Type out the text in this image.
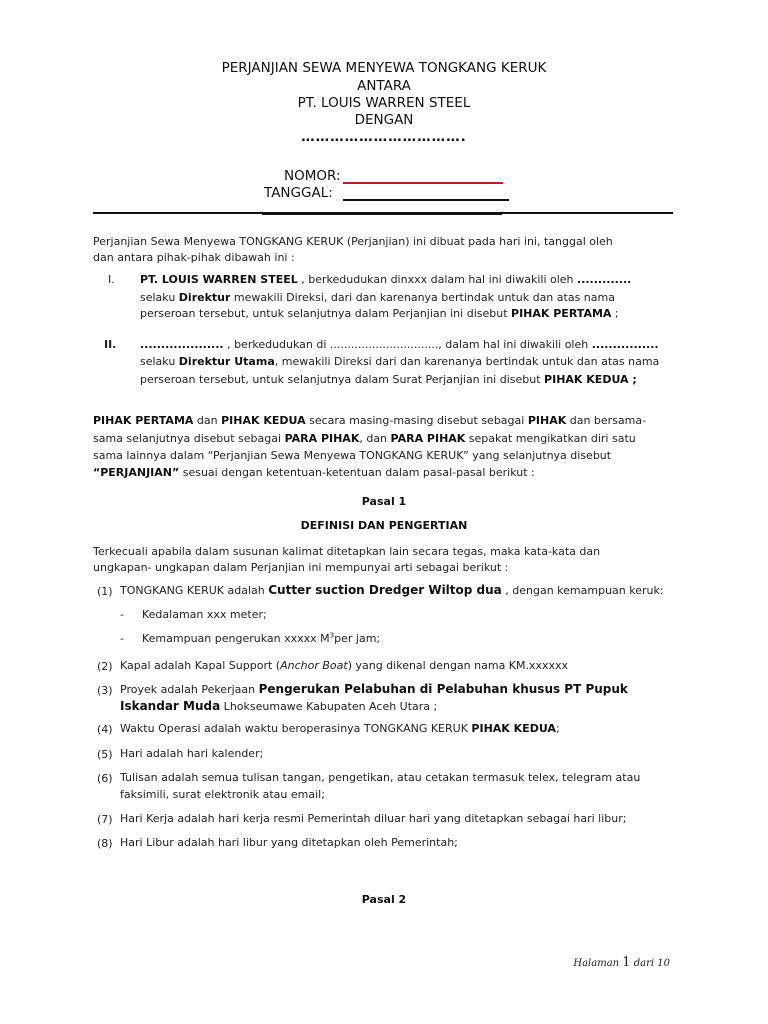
PERJANJIAN SEWA MENYEWA TONGKANG KERUK
ANTARA
PT. LOUIS WARREN STEEL
DENGAN
…………………………….
NOMOR:
TANGGAL:
Perjanjian Sewa Menyewa TONGKANG KERUK (Perjanjian) ini dibuat pada hari ini, tanggal oleh
dan antara pihak-pihak dibawah ini :
I. PT. LOUIS WARREN STEEL , berkedudukan dinxxx dalam hal ini diwakili oleh .............
selaku Direktur mewakili Direksi, dari dan karenanya bertindak untuk dan atas nama
perseroan tersebut, untuk selanjutnya dalam Perjanjian ini disebut PIHAK PERTAMA ;
II. .................... , berkedudukan di ..............................., dalam hal ini diwakili oleh ................
selaku Direktur Utama, mewakili Direksi dari dan karenanya bertindak untuk dan atas nama
perseroan tersebut, untuk selanjutnya dalam Surat Perjanjian ini disebut PIHAK KEDUA ;
PIHAK PERTAMA dan PIHAK KEDUA secara masing-masing disebut sebagai PIHAK dan bersama-
sama selanjutnya disebut sebagai PARA PIHAK, dan PARA PIHAK sepakat mengikatkan diri satu
sama lainnya dalam “Perjanjian Sewa Menyewa TONGKANG KERUK” yang selanjutnya disebut
“PERJANJIAN” sesuai dengan ketentuan-ketentuan dalam pasal-pasal berikut :
Pasal 1
DEFINISI DAN PENGERTIAN
Terkecuali apabila dalam susunan kalimat ditetapkan lain secara tegas, maka kata-kata dan
ungkapan- ungkapan dalam Perjanjian ini mempunyai arti sebagai berikut :
(1) TONGKANG KERUK adalah Cutter suction Dredger Wiltop dua , dengan kemampuan keruk:
- Kedalaman xxx meter;
- Kemampuan pengerukan xxxxx $M^3per$ jam;
(2) Kapal adalah Kapal Support (Anchor Boat) yang dikenal dengan nama KM.xxxxxx
(3) Proyek adalah Pekerjaan Pengerukan Pelabuhan di Pelabuhan khusus PT Pupuk
Iskandar Muda Lhokseumawe Kabupaten Aceh Utara ;
(4) Waktu Operasi adalah waktu beroperasinya TONGKANG KERUK PIHAK KEDUA;
(5) Hari adalah hari kalender;
(6) Tulisan adalah semua tulisan tangan, pengetikan, atau cetakan termasuk telex, telegram atau
faksimili, surat elektronik atau email;
(7) Hari Kerja adalah hari kerja resmi Pemerintah diluar hari yang ditetapkan sebagai hari libur;
(8) Hari Libur adalah hari libur yang ditetapkan oleh Pemerintah;
Pasal 2
Halaman 1 dari 10
